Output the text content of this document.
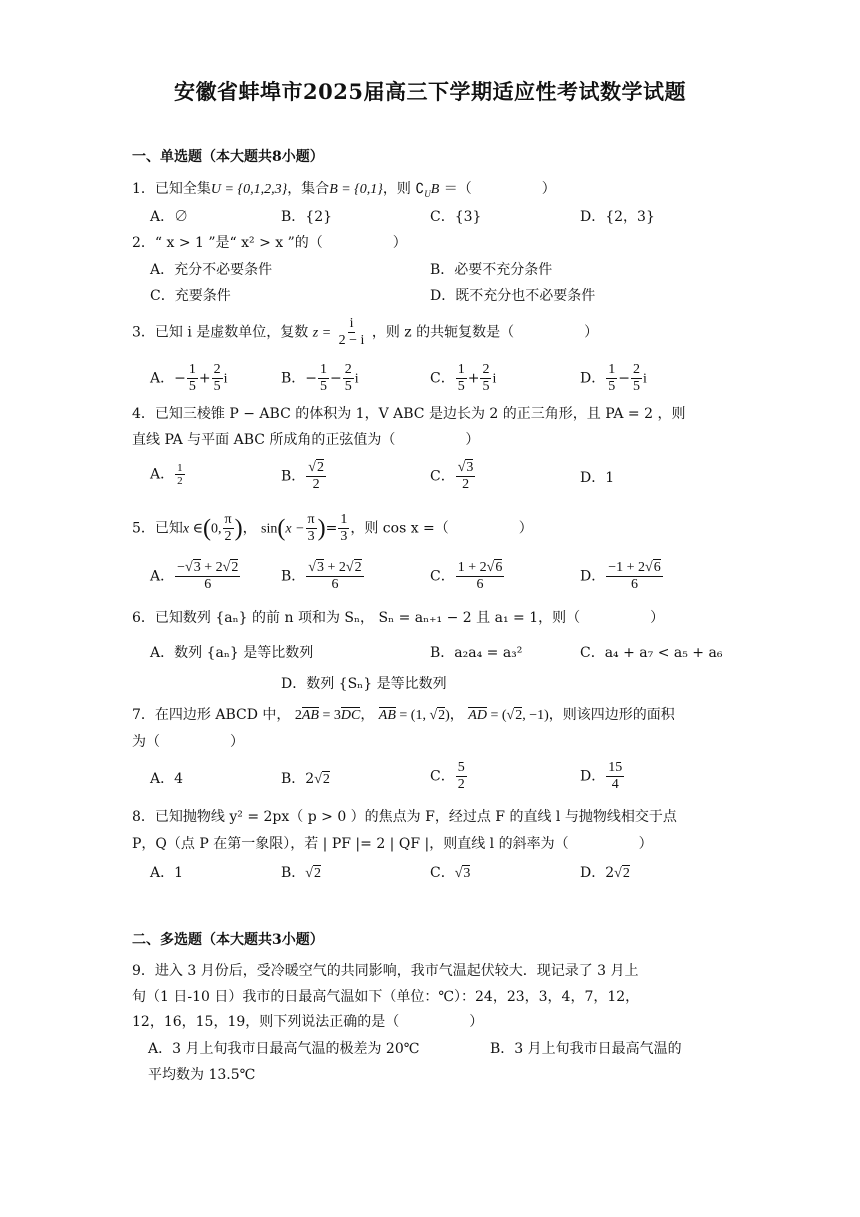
安徽省蚌埠市2025届高三下学期适应性考试数学试题
一、单选题（本大题共8小题）
1．已知全集U = {0,1,2,3}，集合B = {0,1}，则 $∁_UB$ ＝（　　　　　）
A．∅	B．{2}	C．{3}	D．{2，3}
2．“ x > 1 ”是“ x² > x ”的（　　　　　）
A．充分不必要条件	B．必要不充分条件
C．充要条件	D．既不充分也不必要条件
3．已知 i 是虚数单位，复数 $z = \frac{i}{2 - i}$ ，则 z 的共轭复数是（　　　　　）
A．− $\frac{1}{5} + \frac{2}{5}$ i	B．− $\frac{1}{5} - \frac{2}{5}$ i	C． $\frac{1}{5} + \frac{2}{5}$ i	D． $\frac{1}{5} - \frac{2}{5}$ i
4．已知三棱锥 P − ABC 的体积为 1，V ABC 是边长为 2 的正三角形，且 PA = 2 ，则
直线 PA 与平面 ABC 所成角的正弦值为（　　　　　）
A． $\frac{1}{2}$	B． $\frac{√2}{2}$	C． $\frac{√3}{2}$	D．1
5．已知x ∈(0, $\frac{\pi}{2}$ )， $\sin(x - \frac{\pi}{3}$ )= $\frac{1}{3}$ ，则 cos x =（　　　　　）
A． $\frac{-√3 + 2√2}{6}$	B． $\frac{√3 + 2√2}{6}$	C． $\frac{1 + 2√6}{6}$	D． $\frac{-1 + 2√6}{6}$
6．已知数列 {aₙ} 的前 n 项和为 Sₙ， Sₙ = aₙ₊₁ − 2 且 a₁ = 1，则（　　　　　）
A．数列 {aₙ} 是等比数列	B．a₂a₄ = a₃²	C．a₄ + a₇ < a₅ + a₆
D．数列 {Sₙ} 是等比数列
7．在四边形 ABCD 中， 2AB = 3DC， AB = (1, √2)， AD = (√2, −1)，则该四边形的面积
为（　　　　　）
A．4	B．2√2	C． $\frac{5}{2}$	D． $\frac{15}{4}$
8．已知抛物线 y² = 2px（ p > 0 ）的焦点为 F，经过点 F 的直线 l 与抛物线相交于点
P，Q（点 P 在第一象限），若 | PF |= 2 | QF |，则直线 l 的斜率为（　　　　　）
A．1	B．√2	C．√3	D．2√2
二、多选题（本大题共3小题）
9．进入 3 月份后，受冷暖空气的共同影响，我市气温起伏较大．现记录了 3 月上
旬（1 日-10 日）我市的日最高气温如下（单位：℃）：24，23，3，4，7，12，
12，16，15，19，则下列说法正确的是（　　　　　）
A．3 月上旬我市日最高气温的极差为 20℃	B．3 月上旬我市日最高气温的
平均数为 13.5℃
